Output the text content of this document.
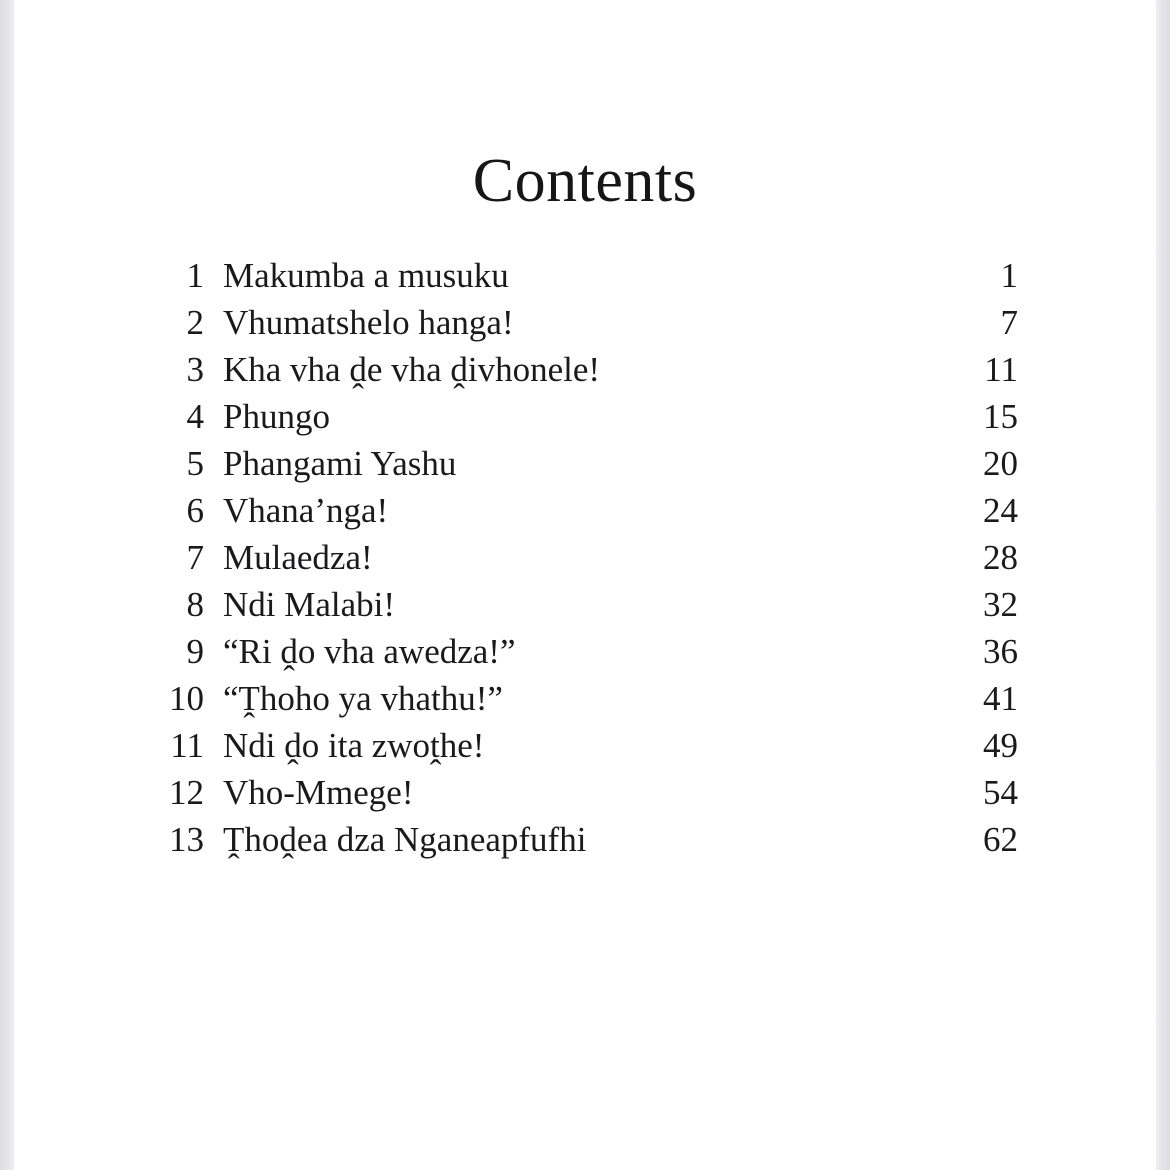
Contents
1 Makumba a musuku	1
2 Vhumatshelo hanga!	7
3 Kha vha ḓe vha ḓivhonele!	11
4 Phungo	15
5 Phangami Yashu	20
6 Vhana’nga!	24
7 Mulaedza!	28
8 Ndi Malabi!	32
9 “Ri ḓo vha awedza!”	36
10 “Ṱhoho ya vhathu!”	41
11 Ndi ḓo ita zwoṱhe!	49
12 Vho-Mmege!	54
13 Ṱhoḓea dza Nganeapfufhi	62
